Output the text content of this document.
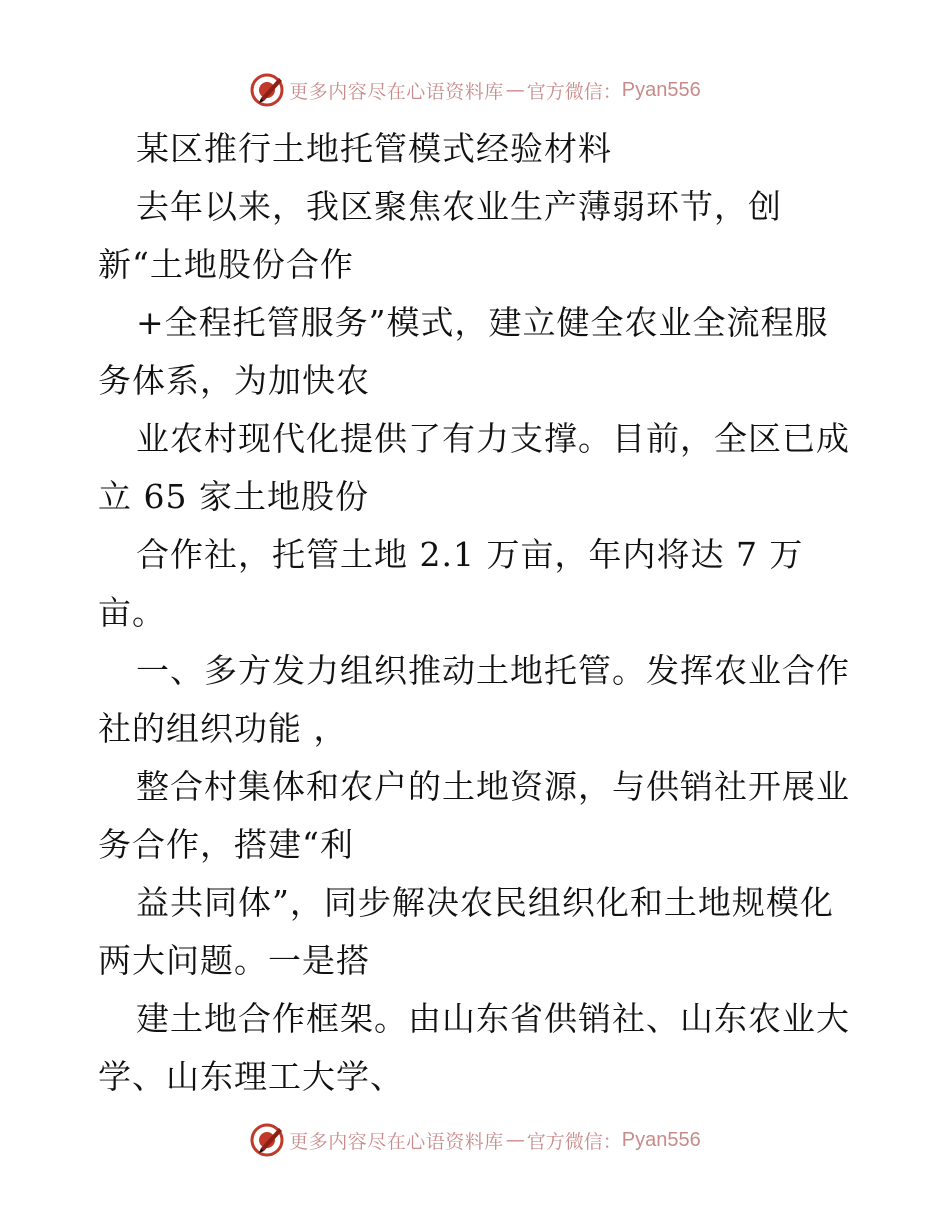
更多内容尽在心语资料库 — 官方微信： Pyan556
某区推行土地托管模式经验材料
去年以来，我区聚焦农业生产薄弱环节，创
新“土地股份合作
+全程托管服务”模式，建立健全农业全流程服
务体系，为加快农
业农村现代化提供了有力支撑。目前，全区已成
立 65 家土地股份
合作社，托管土地 2.1 万亩，年内将达 7 万
亩。
一、多方发力组织推动土地托管。发挥农业合作
社的组织功能 ，
整合村集体和农户的土地资源，与供销社开展业
务合作，搭建“利
益共同体”，同步解决农民组织化和土地规模化
两大问题。一是搭
建土地合作框架。由山东省供销社、山东农业大
学、山东理工大学、
更多内容尽在心语资料库 — 官方微信： Pyan556
